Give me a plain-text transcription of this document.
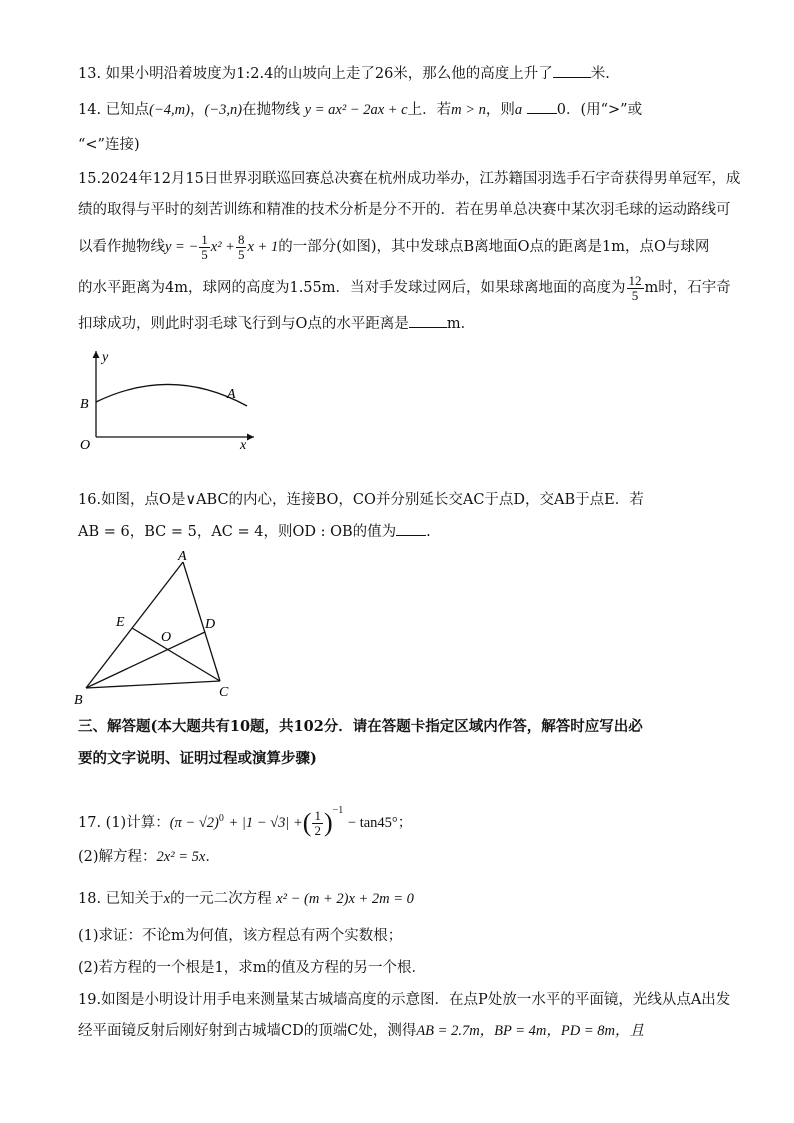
13. 如果小明沿着坡度为1:2.4的山坡向上走了26米，那么他的高度上升了	米.
14. 已知点(−4,m)，(−3,n)在抛物线 y = ax² − 2ax + c上．若m > n，则a 0．(用“>”或
“<”连接)
15.2024年12月15日世界羽联巡回赛总决赛在杭州成功举办，江苏籍国羽选手石宇奇获得男单冠军，成
绩的取得与平时的刻苦训练和精准的技术分析是分不开的．若在男单总决赛中某次羽毛球的运动路线可
以看作抛物线y = − $\frac{1}{5} x^2 + \frac{8}{5}$ x + 1的一部分(如图)，其中发球点B离地面O点的距离是1m，点O与球网
的水平距离为4m，球网的高度为1.55m．当对手发球过网后，如果球离地面的高度为 $\frac{12}{5}$ m时，石宇奇
扣球成功，则此时羽毛球飞行到与O点的水平距离是	m．
y
x
O
B
A
16.如图，点O是∨ABC的内心，连接BO，CO并分别延长交AC于点D，交AB于点E．若
AB = 6，BC = 5，AC = 4，则OD : OB的值为 .
A
B
C
D
E
O
三、解答题(本大题共有10题，共102分．请在答题卡指定区域内作答，解答时应写出必
要的文字说明、证明过程或演算步骤)
17. (1)计算：$(\pi - √2)^0 + |1 - √3|$ +( $\frac{1}{2} )^{-1} - \tan 45^\circ$；
(2)解方程：2x² = 5x．
18. 已知关于x的一元二次方程 x² − (m + 2)x + 2m = 0
(1)求证：不论m为何值，该方程总有两个实数根；
(2)若方程的一个根是1，求m的值及方程的另一个根．
19.如图是小明设计用手电来测量某古城墙高度的示意图．在点P处放一水平的平面镜，光线从点A出发
经平面镜反射后刚好射到古城墙CD的顶端C处，测得AB = 2.7m，BP = 4m，PD = 8m，且
